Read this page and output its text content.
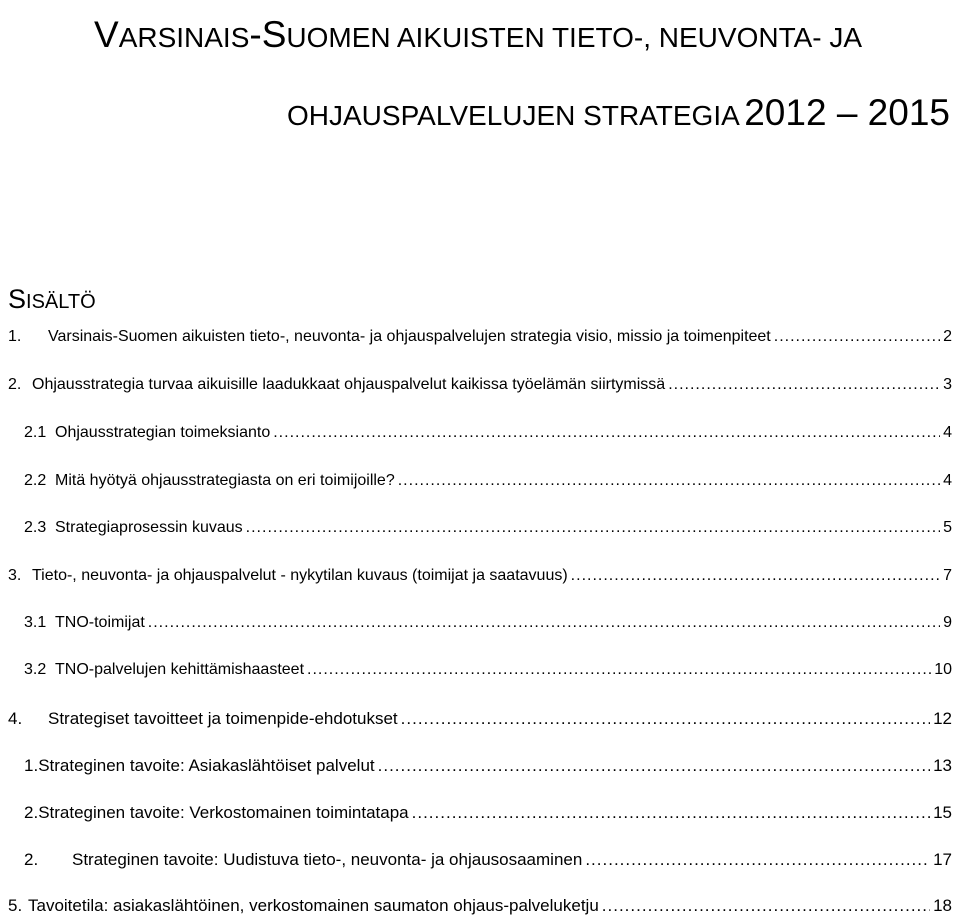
VARSINAIS-SUOMEN AIKUISTEN TIETO-, NEUVONTA- JA
OHJAUSPALVELUJEN STRATEGIA 2012 – 2015
SISÄLTÖ
1.	Varsinais-Suomen aikuisten tieto-, neuvonta- ja ohjauspalvelujen strategia visio, missio ja toimenpiteet .....	2
2. Ohjausstrategia turvaa aikuisille laadukkaat ohjauspalvelut kaikissa työelämän siirtymissä .....	3
2.1 Ohjausstrategian toimeksianto .....	4
2.2 Mitä hyötyä ohjausstrategiasta on eri toimijoille? .....	4
2.3 Strategiaprosessin kuvaus .....	5
3. Tieto-, neuvonta- ja ohjauspalvelut - nykytilan kuvaus (toimijat ja saatavuus) .....	7
3.1 TNO-toimijat .....	9
3.2 TNO-palvelujen kehittämishaasteet .....	10
4.	Strategiset tavoitteet ja toimenpide-ehdotukset .....	12
1. Strateginen tavoite: Asiakaslähtöiset palvelut .....	13
2. Strateginen tavoite: Verkostomainen toimintatapa .....	15
2.	Strateginen tavoite: Uudistuva tieto-, neuvonta- ja ohjausosaaminen .....	17
5. Tavoitetila: asiakaslähtöinen, verkostomainen saumaton ohjaus-palveluketju .....	18
